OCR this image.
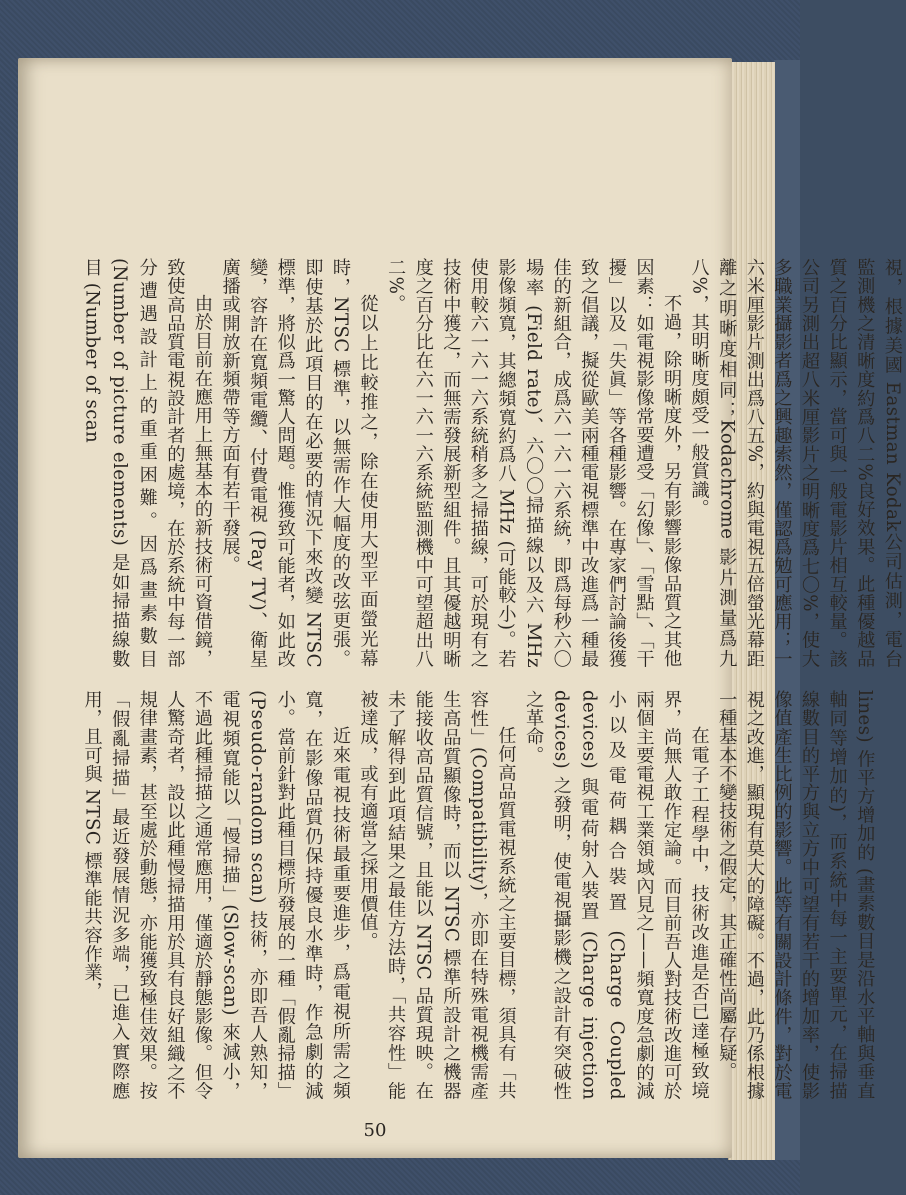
視，根據美國 Eastman Kodak公司估測，電台監測機之清晰度約爲八二%良好效果。此種優越品質之百分比顯示，當可與一般電影片相互較量。該公司另測出超八米厘影片之明晰度爲七〇%，使大多職業攝影者爲之興趣索然，僅認爲勉可應用；一六米厘影片測出爲八五%，約與電視五倍螢光幕距離之明晰度相同；Kodachrome 影片測量爲九八%，其明晰度頗受一般賞識。

不過，除明晰度外，另有影響影像品質之其他因素：如電視影像常要遭受「幻像」、「雪點」、「干擾」以及「失眞」等各種影響。在專家們討論後獲致之倡議，擬從歐美兩種電視標準中改進爲一種最佳的新組合，成爲六一六一六系統，即爲每秒六〇場率 (Field rate)、六〇〇掃描線以及六 MHz 影像頻寬，其總頻寬約爲八 MHz (可能較小)。若使用較六一六一六系統稍多之掃描線，可於現有之技術中獲之，而無需發展新型組件。且其優越明晰度之百分比在六一六一六系統監測機中可望超出八二%。

從以上比較推之，除在使用大型平面螢光幕時，NTSC 標準，以無需作大幅度的改弦更張。即使基於此項目的在必要的情況下來改變 NTSC 標準，將似爲一驚人問題。惟獲致可能者，如此改變，容許在寬頻電纜、付費電視 (Pay TV)、衛星廣播或開放新頻帶等方面有若干發展。

由於目前在應用上無基本的新技術可資借鏡，致使高品質電視設計者的處境，在於系統中每一部分遭遇設計上的重重困難。因爲畫素數目 (Number of picture elements) 是如掃描線數目 (Number of scan

lines) 作平方增加的 (畫素數目是沿水平軸與垂直軸同等增加的)，而系統中每一主要單元，在掃描線數目的平方與立方中可望有若干的增加率，使影像值產生比例的影響。此等有關設計條件，對於電視之改進，顯現有莫大的障礙。不過，此乃係根據一種基本不變技術之假定，其正確性尚屬存疑。

在電子工程學中，技術改進是否已達極致境界，尚無人敢作定論。而目前吾人對技術改進可於兩個主要電視工業領域內見之——頻寬度急劇的減小以及電荷耦合裝置 (Charge Coupled devices) 與電荷射入裝置 (Charge injection devices) 之發明，使電視攝影機之設計有突破性之革命。

任何高品質電視系統之主要目標，須具有「共容性」(Compatibility)，亦即在特殊電視機需產生高品質顯像時，而以 NTSC 標準所設計之機器能接收高品質信號，且能以 NTSC 品質現映。在未了解得到此項結果之最佳方法時，「共容性」能被達成，或有適當之採用價值。

近來電視技術最重要進步，爲電視所需之頻寬，在影像品質仍保持優良水準時，作急劇的減小。當前針對此種目標所發展的一種「假亂掃描」(Pseudo-random scan) 技術，亦即吾人熟知，電視頻寬能以「慢掃描」(Slow-scan) 來減小，不過此種掃描之通常應用，僅適於靜態影像。但令人驚奇者，設以此種慢掃描用於具有良好組織之不規律畫素，甚至處於動態，亦能獲致極佳效果。按「假亂掃描」最近發展情況多端，已進入實際應用，且可與 NTSC 標準能共容作業，

50
